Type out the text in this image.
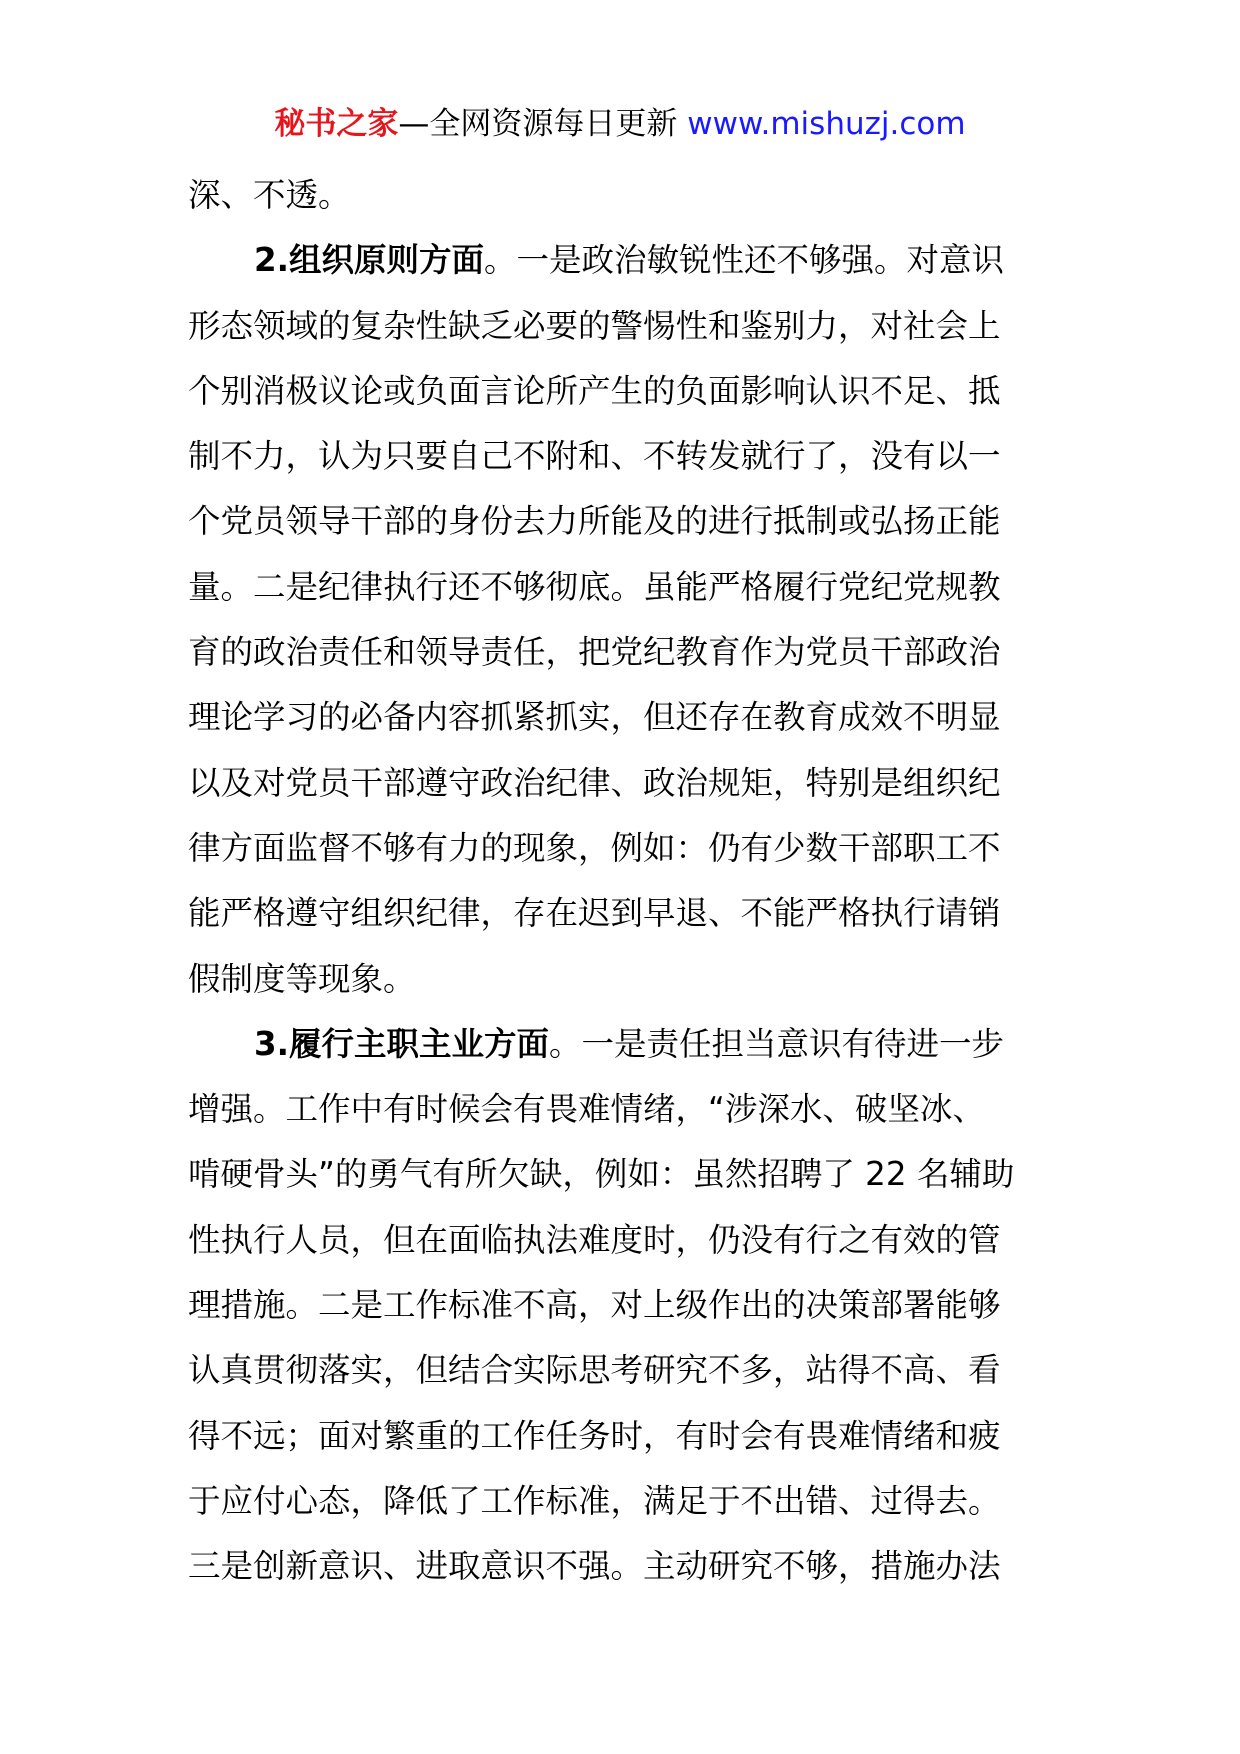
秘书之家—全网资源每日更新 www.mishuzj.com
深、不透。
2.组织原则方面。一是政治敏锐性还不够强。对意识
形态领域的复杂性缺乏必要的警惕性和鉴别力，对社会上
个别消极议论或负面言论所产生的负面影响认识不足、抵
制不力，认为只要自己不附和、不转发就行了，没有以一
个党员领导干部的身份去力所能及的进行抵制或弘扬正能
量。二是纪律执行还不够彻底。虽能严格履行党纪党规教
育的政治责任和领导责任，把党纪教育作为党员干部政治
理论学习的必备内容抓紧抓实，但还存在教育成效不明显
以及对党员干部遵守政治纪律、政治规矩，特别是组织纪
律方面监督不够有力的现象，例如：仍有少数干部职工不
能严格遵守组织纪律，存在迟到早退、不能严格执行请销
假制度等现象。
3.履行主职主业方面。一是责任担当意识有待进一步
增强。工作中有时候会有畏难情绪，“涉深水、破坚冰、
啃硬骨头”的勇气有所欠缺，例如：虽然招聘了 22 名辅助
性执行人员，但在面临执法难度时，仍没有行之有效的管
理措施。二是工作标准不高，对上级作出的决策部署能够
认真贯彻落实，但结合实际思考研究不多，站得不高、看
得不远；面对繁重的工作任务时，有时会有畏难情绪和疲
于应付心态，降低了工作标准，满足于不出错、过得去。
三是创新意识、进取意识不强。主动研究不够，措施办法
